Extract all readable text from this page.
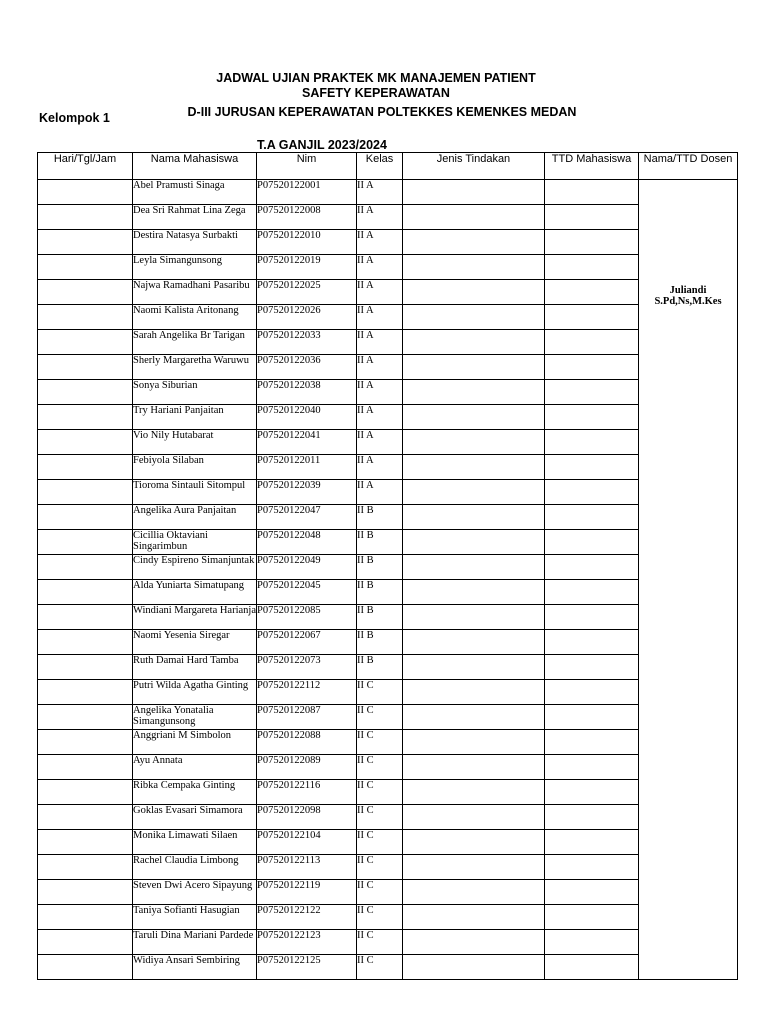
JADWAL UJIAN PRAKTEK MK MANAJEMEN PATIENT
SAFETY KEPERAWATAN
D-III JURUSAN KEPERAWATAN POLTEKKES KEMENKES MEDAN
Kelompok 1
T.A GANJIL 2023/2024
Hari/Tgl/Jam	Nama Mahasiswa	Nim	Kelas	Jenis Tindakan	TTD Mahasiswa	Nama/TTD Dosen
	Abel Pramusti Sinaga	P07520122001	II A			Juliandi
S.Pd,Ns,M.Kes

	Dea Sri Rahmat Lina Zega	P07520122008	II A			
	Destira Natasya Surbakti	P07520122010	II A			
	Leyla Simangunsong	P07520122019	II A			
	Najwa Ramadhani Pasaribu	P07520122025	II A			
	Naomi Kalista Aritonang	P07520122026	II A			
	Sarah Angelika Br Tarigan	P07520122033	II A			
	Sherly Margaretha Waruwu	P07520122036	II A			
	Sonya Siburian	P07520122038	II A			
	Try Hariani Panjaitan	P07520122040	II A			
	Vio Nily Hutabarat	P07520122041	II A			
	Febiyola Silaban	P07520122011	II A			
	Tioroma Sintauli Sitompul	P07520122039	II A			
	Angelika Aura Panjaitan	P07520122047	II B			
	Cicillia Oktaviani Singarimbun	P07520122048	II B			
	Cindy Espireno Simanjuntak	P07520122049	II B			
	Alda Yuniarta Simatupang	P07520122045	II B			
	Windiani Margareta Harianja	P07520122085	II B			
	Naomi Yesenia Siregar	P07520122067	II B			
	Ruth Damai Hard Tamba	P07520122073	II B			
	Putri Wilda Agatha Ginting	P07520122112	II C			
	Angelika Yonatalia Simangunsong	P07520122087	II C			
	Anggriani M Simbolon	P07520122088	II C			
	Ayu Annata	P07520122089	II C			
	Ribka Cempaka Ginting	P07520122116	II C			
	Goklas Evasari Simamora	P07520122098	II C			
	Monika Limawati Silaen	P07520122104	II C			
	Rachel Claudia Limbong	P07520122113	II C			
	Steven Dwi Acero Sipayung	P07520122119	II C			
	Taniya Sofianti Hasugian	P07520122122	II C			
	Taruli Dina Mariani Pardede	P07520122123	II C			
	Widiya Ansari Sembiring	P07520122125	II C			
